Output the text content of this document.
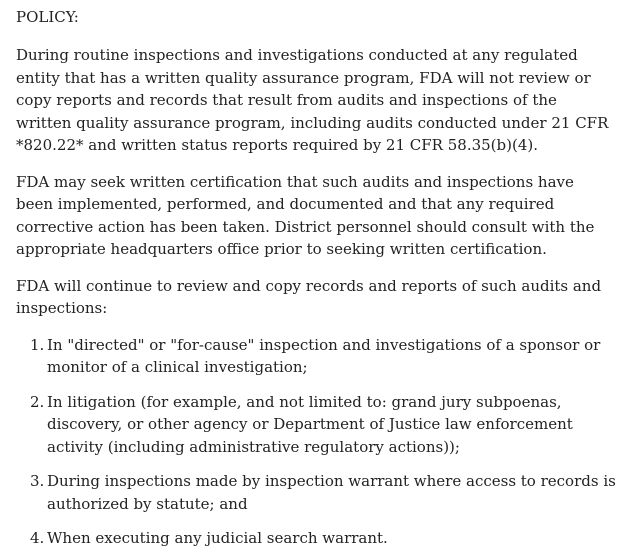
POLICY:

During routine inspections and investigations conducted at any regulated entity that has a written quality assurance program, FDA will not review or copy reports and records that result from audits and inspections of the written quality assurance program, including audits conducted under 21 CFR *820.22* and written status reports required by 21 CFR 58.35(b)(4).

FDA may seek written certification that such audits and inspections have been implemented, performed, and documented and that any required corrective action has been taken. District personnel should consult with the appropriate headquarters office prior to seeking written certification.

FDA will continue to review and copy records and reports of such audits and inspections:

1. In "directed" or "for-cause" inspection and investigations of a sponsor or monitor of a clinical investigation;
2. In litigation (for example, and not limited to: grand jury subpoenas, discovery, or other agency or Department of Justice law enforcement activity (including administrative regulatory actions));
3. During inspections made by inspection warrant where access to records is authorized by statute; and
4. When executing any judicial search warrant.
